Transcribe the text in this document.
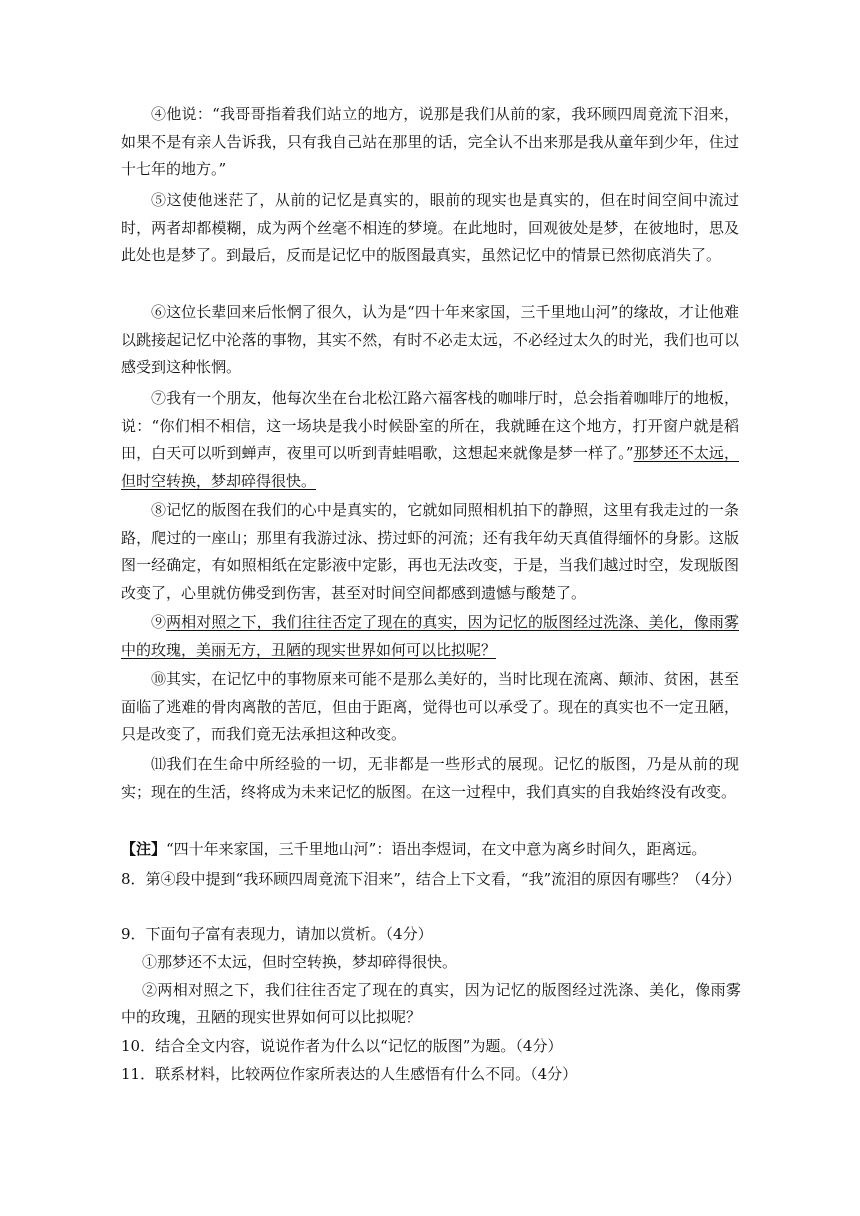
④他说：“我哥哥指着我们站立的地方，说那是我们从前的家，我环顾四周竟流下泪来，如果不是有亲人告诉我，只有我自己站在那里的话，完全认不出来那是我从童年到少年，住过十七年的地方。”

⑤这使他迷茫了，从前的记忆是真实的，眼前的现实也是真实的，但在时间空间中流过时，两者却都模糊，成为两个丝毫不相连的梦境。在此地时，回观彼处是梦，在彼地时，思及此处也是梦了。到最后，反而是记忆中的版图最真实，虽然记忆中的情景已然彻底消失了。

⑥这位长辈回来后怅惘了很久，认为是“四十年来家国，三千里地山河”的缘故，才让他难以跳接起记忆中沦落的事物，其实不然，有时不必走太远，不必经过太久的时光，我们也可以感受到这种怅惘。

⑦我有一个朋友，他每次坐在台北松江路六福客栈的咖啡厅时，总会指着咖啡厅的地板，说：“你们相不相信，这一场块是我小时候卧室的所在，我就睡在这个地方，打开窗户就是稻田，白天可以听到蝉声，夜里可以听到青蛙唱歌，这想起来就像是梦一样了。”那梦还不太远，但时空转换，梦却碎得很快。

⑧记忆的版图在我们的心中是真实的，它就如同照相机拍下的静照，这里有我走过的一条路，爬过的一座山；那里有我游过泳、捞过虾的河流；还有我年幼天真值得缅怀的身影。这版图一经确定，有如照相纸在定影液中定影，再也无法改变，于是，当我们越过时空，发现版图改变了，心里就仿佛受到伤害，甚至对时间空间都感到遗憾与酸楚了。

⑨两相对照之下，我们往往否定了现在的真实，因为记忆的版图经过洗涤、美化，像雨雾中的玫瑰，美丽无方，丑陋的现实世界如何可以比拟呢？

⑩其实，在记忆中的事物原来可能不是那么美好的，当时比现在流离、颠沛、贫困，甚至面临了逃难的骨肉离散的苦厄，但由于距离，觉得也可以承受了。现在的真实也不一定丑陋，只是改变了，而我们竟无法承担这种改变。

⑾我们在生命中所经验的一切，无非都是一些形式的展现。记忆的版图，乃是从前的现实；现在的生活，终将成为未来记忆的版图。在这一过程中，我们真实的自我始终没有改变。

【注】“四十年来家国，三千里地山河”：语出李煜词，在文中意为离乡时间久，距离远。

8．第④段中提到“我环顾四周竟流下泪来”，结合上下文看，“我”流泪的原因有哪些？（4分）

9．下面句子富有表现力，请加以赏析。（4分）

①那梦还不太远，但时空转换，梦却碎得很快。

②两相对照之下，我们往往否定了现在的真实，因为记忆的版图经过洗涤、美化，像雨雾中的玫瑰，丑陋的现实世界如何可以比拟呢？

10．结合全文内容，说说作者为什么以“记忆的版图”为题。（4分）

11．联系材料，比较两位作家所表达的人生感悟有什么不同。（4分）
